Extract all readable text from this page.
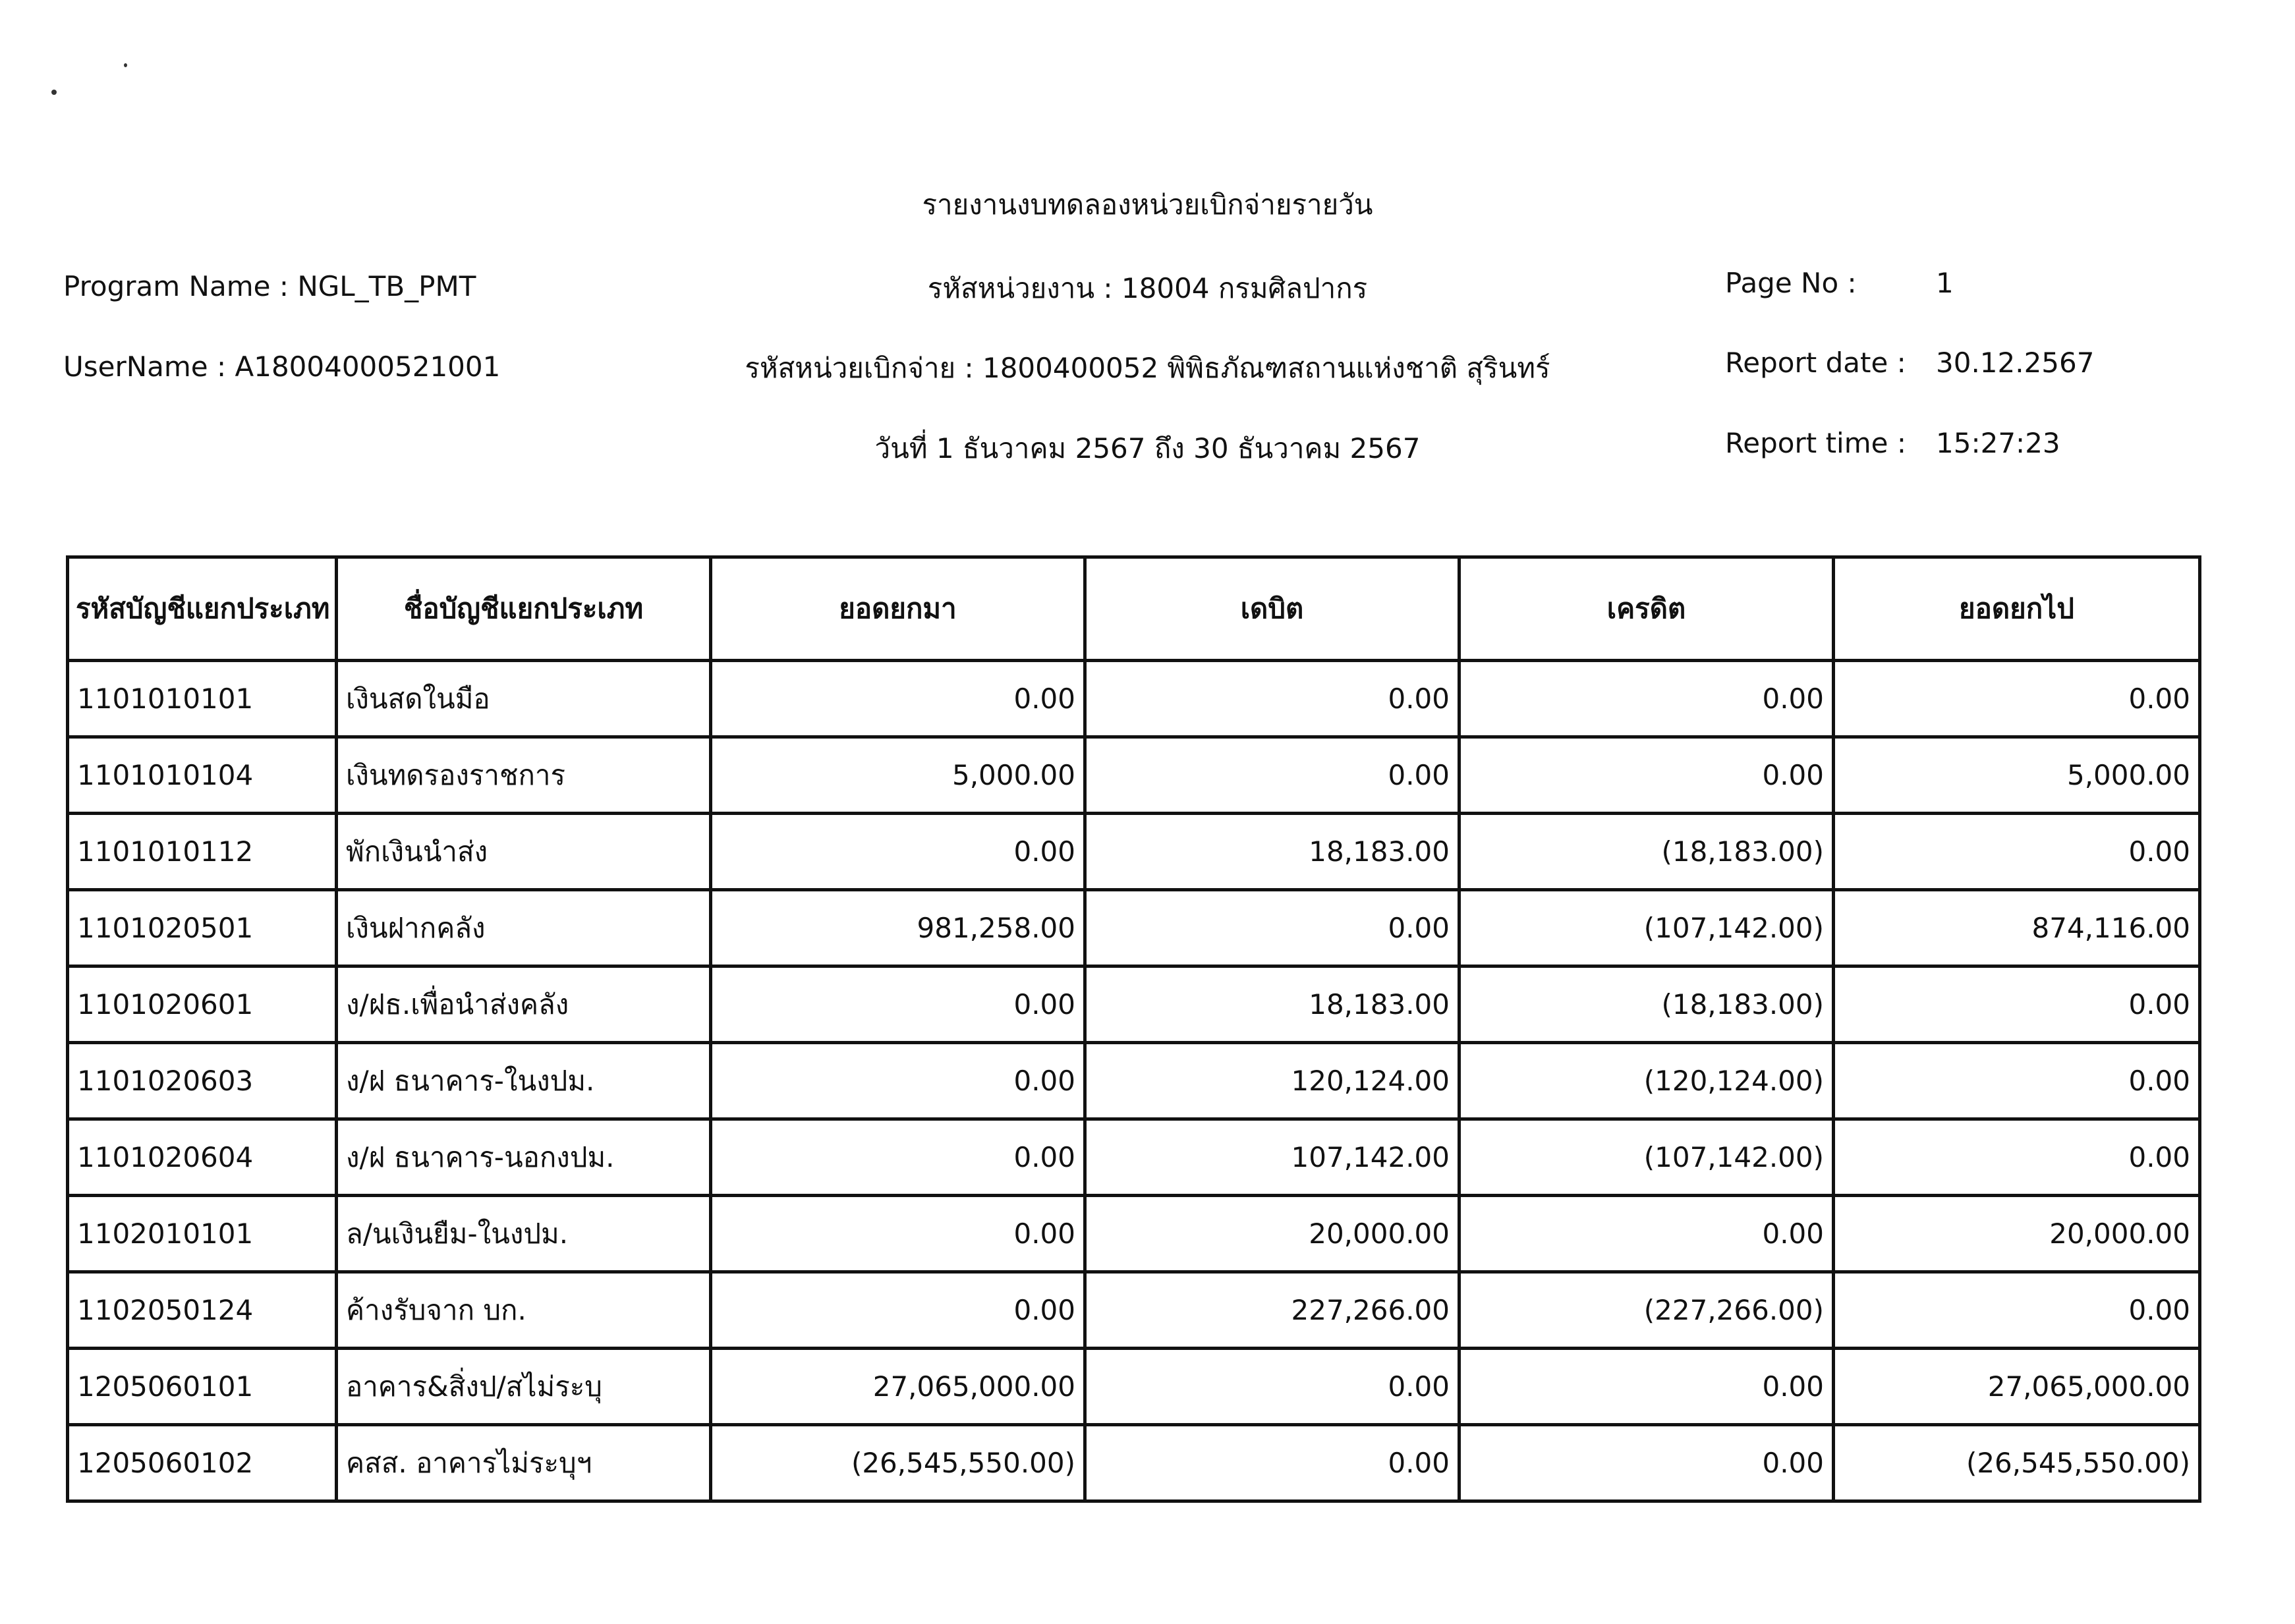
รายงานงบทดลองหน่วยเบิกจ่ายรายวัน
Program Name : NGL_TB_PMT
UserName : A18004000521001
รหัสหน่วยงาน : 18004 กรมศิลปากร
รหัสหน่วยเบิกจ่าย : 1800400052 พิพิธภัณฑสถานแห่งชาติ สุรินทร์
วันที่ 1 ธันวาคม 2567 ถึง 30 ธันวาคม 2567
Page No :	1
Report date : 30.12.2567
Report time : 15:27:23
รหัสบัญชีแยกประเภท	ชื่อบัญชีแยกประเภท	ยอดยกมา	เดบิต	เครดิต	ยอดยกไป
1101010101	เงินสดในมือ	0.00	0.00	0.00	0.00
1101010104	เงินทดรองราชการ	5,000.00	0.00	0.00	5,000.00
1101010112	พักเงินนำส่ง	0.00	18,183.00	(18,183.00)	0.00
1101020501	เงินฝากคลัง	981,258.00	0.00	(107,142.00)	874,116.00
1101020601	ง/ฝธ.เพื่อนำส่งคลัง	0.00	18,183.00	(18,183.00)	0.00
1101020603	ง/ฝ ธนาคาร-ในงปม.	0.00	120,124.00	(120,124.00)	0.00
1101020604	ง/ฝ ธนาคาร-นอกงปม.	0.00	107,142.00	(107,142.00)	0.00
1102010101	ล/นเงินยืม-ในงปม.	0.00	20,000.00	0.00	20,000.00
1102050124	ค้างรับจาก บก.	0.00	227,266.00	(227,266.00)	0.00
1205060101	อาคาร&สิ่งป/สไม่ระบุ	27,065,000.00	0.00	0.00	27,065,000.00
1205060102	คสส. อาคารไม่ระบุฯ	(26,545,550.00)	0.00	0.00	(26,545,550.00)
